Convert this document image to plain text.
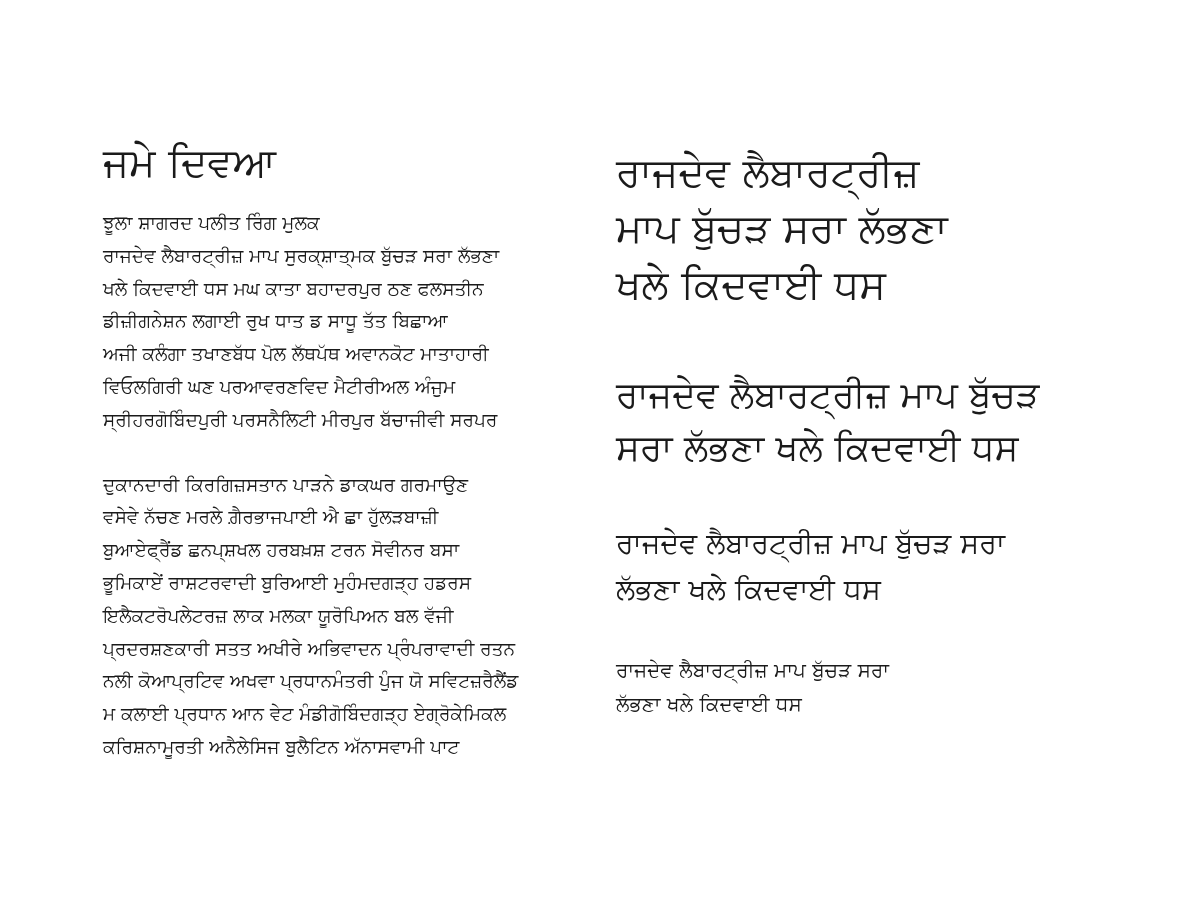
ਜਮੇ ਦਿਵਆ

ਝੂਲਾ ਸ਼ਾਗਰਦ ਪਲੀਤ ਰਿੰਗ ਮੁਲਕ
ਰਾਜਦੇਵ ਲੈਬਾਰਟ੍ਰੀਜ਼ ਮਾਪ ਸੁਰਕ੍ਸ਼ਾਤ੍ਮਕ ਬੁੱਚੜ ਸਰਾ ਲੱਭਣਾ
ਖਲੇ ਕਿਦਵਾਈ ਧਸ ਮਘ ਕਾਤਾ ਬਹਾਦਰਪੁਰ ਠਣ ਫਲਸਤੀਨ
ਡੀਜ਼ੀਗਨੇਸ਼ਨ ਲਗਾਈ ਰੁਖ ਧਾਤ ਡ ਸਾਧੂ ਤੱਤ ਬਿਛਾਆ
ਅਜੀ ਕਲੰਗਾ ਤਖਾਣਬੱਧ ਪੋਲ ਲੱਥਪੱਥ ਅਵਾਨਕੋਟ ਮਾਤਾਹਾਰੀ
ਵਿਓਲਗਿਰੀ ਘਣ ਪਰਆਵਰਣਵਿਦ ਮੈਟੀਰੀਅਲ ਅੰਜੁਮ
ਸ੍ਰੀਹਰਗੋਬਿੰਦਪੁਰੀ ਪਰਸਨੈਲਿਟੀ ਮੀਰਪੁਰ ਬੱਚਾਜੀਵੀ ਸਰਪਰ

ਦੁਕਾਨਦਾਰੀ ਕਿਰਗਿਜ਼ਸਤਾਨ ਪਾੜਨੇ ਡਾਕਘਰ ਗਰਮਾਉਣ
ਵਸੇਵੇ ਨੱਚਣ ਮਰਲੇ ਗ਼ੈਰਭਾਜਪਾਈ ਐ ਛਾ ਹੁੱਲੜਬਾਜ਼ੀ
ਬੁਆਏਫ੍ਰੈਂਡ ਛਨਪ੍ਸ਼ਖਲ ਹਰਬਖ਼ਸ਼ ਟਰਨ ਸੋਵੀਨਰ ਬਸਾ
ਭੂਮਿਕਾਏਂ ਰਾਸ਼ਟਰਵਾਦੀ ਬੁਰਿਆਈ ਮੁਹੰਮਦਗੜ੍ਹ ਹਡਰਸ
ਇਲੈਕਟਰੋਪਲੇਟਰਜ਼ ਲਾਕ ਮਲਕਾ ਯੂਰੋਪਿਅਨ ਬਲ ਵੱਜੀ
ਪ੍ਰਦਰਸ਼ਣਕਾਰੀ ਸਤਤ ਅਖੀਰੇ ਅਭਿਵਾਦਨ ਪ੍ਰੰਪਰਾਵਾਦੀ ਰਤਨ
ਨਲੀ ਕੋਆਪ੍ਰਟਿਵ ਅਖਵਾ ਪ੍ਰਧਾਨਮੰਤਰੀ ਪੁੰਜ ਯੋ ਸਵਿਟਜ਼ਰੈਲੈਂਡ
ਮ ਕਲਾਈ ਪ੍ਰਧਾਨ ਆਨ ਵੇਟ ਮੰਡੀਗੋਬਿੰਦਗੜ੍ਹ ਏਗ੍ਰੋਕੇਮਿਕਲ
ਕਰਿਸ਼ਨਾਮੂਰਤੀ ਅਨੈਲੇਸਿਜ ਬੁਲੈਟਿਨ ਅੱਨਾਸਵਾਮੀ ਪਾਟ

ਰਾਜਦੇਵ ਲੈਬਾਰਟ੍ਰੀਜ਼
ਮਾਪ ਬੁੱਚੜ ਸਰਾ ਲੱਭਣਾ
ਖਲੇ ਕਿਦਵਾਈ ਧਸ

ਰਾਜਦੇਵ ਲੈਬਾਰਟ੍ਰੀਜ਼ ਮਾਪ ਬੁੱਚੜ
ਸਰਾ ਲੱਭਣਾ ਖਲੇ ਕਿਦਵਾਈ ਧਸ

ਰਾਜਦੇਵ ਲੈਬਾਰਟ੍ਰੀਜ਼ ਮਾਪ ਬੁੱਚੜ ਸਰਾ
ਲੱਭਣਾ ਖਲੇ ਕਿਦਵਾਈ ਧਸ

ਰਾਜਦੇਵ ਲੈਬਾਰਟ੍ਰੀਜ਼ ਮਾਪ ਬੁੱਚੜ ਸਰਾ
ਲੱਭਣਾ ਖਲੇ ਕਿਦਵਾਈ ਧਸ
